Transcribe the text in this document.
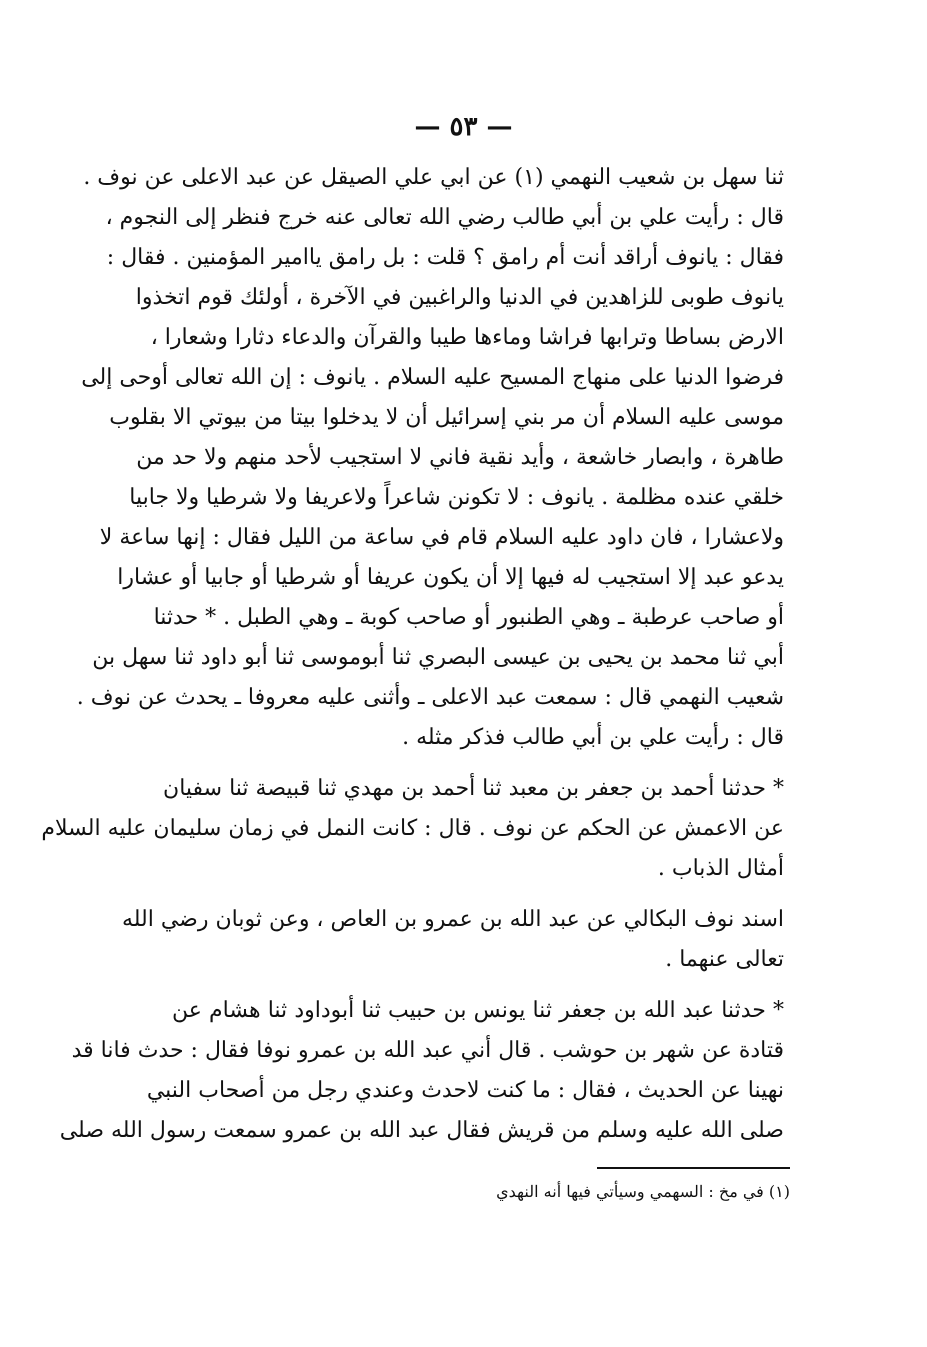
— ٥٣ —
ثنا سهل بن شعيب النهمي (١) عن ابي علي الصيقل عن عبد الاعلى عن نوف .
قال : رأيت علي بن أبي طالب رضي الله تعالى عنه خرج فنظر إلى النجوم ،
فقال : يانوف أراقد أنت أم رامق ؟ قلت : بل رامق ياامير المؤمنين . فقال :
يانوف طوبى للزاهدين في الدنيا والراغبين في الآخرة ، أولئك قوم اتخذوا
الارض بساطا وترابها فراشا وماءها طيبا والقرآن والدعاء دثارا وشعارا ،
فرضوا الدنيا على منهاج المسيح عليه السلام . يانوف : إن الله تعالى أوحى إلى
موسى عليه السلام أن مر بني إسرائيل أن لا يدخلوا بيتا من بيوتي الا بقلوب
طاهرة ، وابصار خاشعة ، وأيد نقية فاني لا استجيب لأحد منهم ولا حد من
خلقي عنده مظلمة . يانوف : لا تكونن شاعراً ولاعريفا ولا شرطيا ولا جابيا
ولاعشارا ، فان داود عليه السلام قام في ساعة من الليل فقال : إنها ساعة لا
يدعو عبد إلا استجيب له فيها إلا أن يكون عريفا أو شرطيا أو جابيا أو عشارا
أو صاحب عرطبة ـ وهي الطنبور أو صاحب كوبة ـ وهي الطبل . * حدثنا
أبي ثنا محمد بن يحيى بن عيسى البصري ثنا أبوموسى ثنا أبو داود ثنا سهل بن
شعيب النهمي قال : سمعت عبد الاعلى ـ وأثنى عليه معروفا ـ يحدث عن نوف .
قال : رأيت علي بن أبي طالب فذكر مثله .
* حدثنا أحمد بن جعفر بن معبد ثنا أحمد بن مهدي ثنا قبيصة ثنا سفيان
عن الاعمش عن الحكم عن نوف . قال : كانت النمل في زمان سليمان عليه السلام
أمثال الذباب .
اسند نوف البكالي عن عبد الله بن عمرو بن العاص ، وعن ثوبان رضي الله
تعالى عنهما .
* حدثنا عبد الله بن جعفر ثنا يونس بن حبيب ثنا أبوداود ثنا هشام عن
قتادة عن شهر بن حوشب . قال أني عبد الله بن عمرو نوفا فقال : حدث فانا قد
نهينا عن الحديث ، فقال : ما كنت لاحدث وعندي رجل من أصحاب النبي
صلى الله عليه وسلم من قريش فقال عبد الله بن عمرو سمعت رسول الله صلى
(١) في مخ : السهمي وسيأتي فيها أنه النهدي
